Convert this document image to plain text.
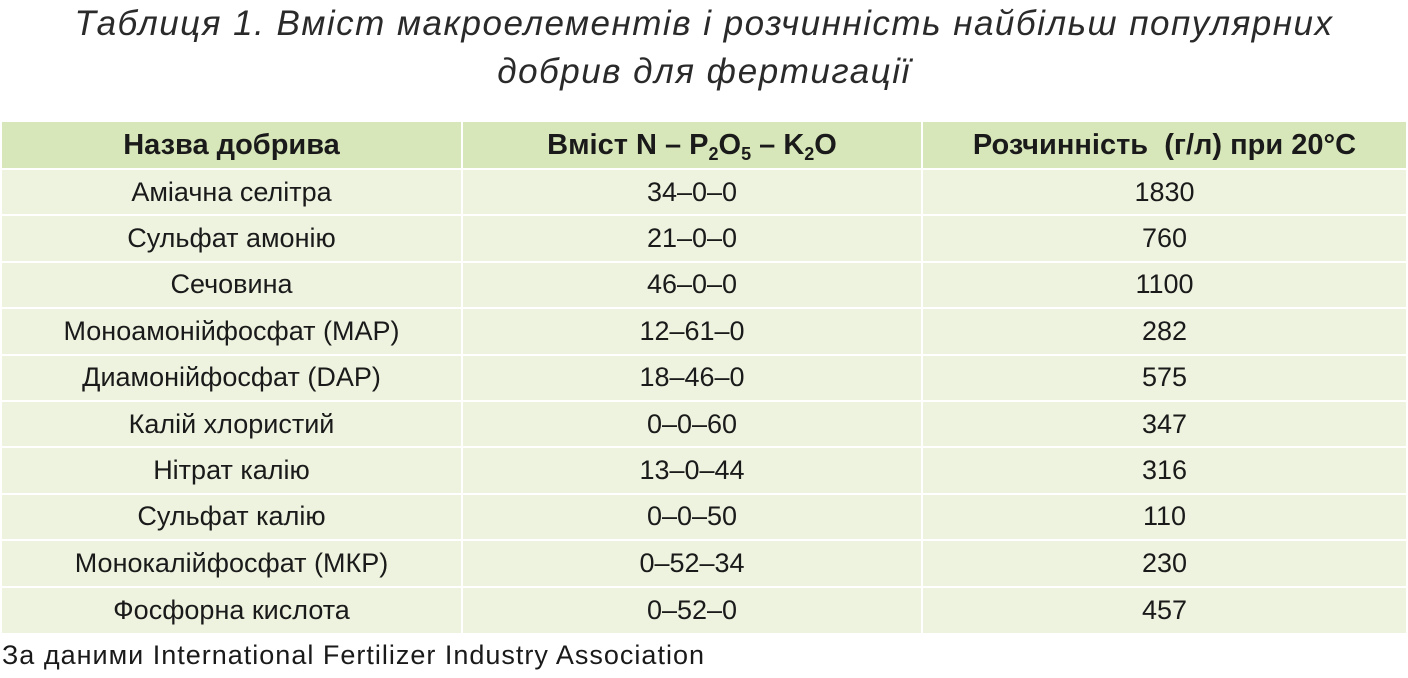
Таблиця 1. Вміст макроелементів і розчинність найбільш популярних
добрив для фертигації
Назва добрива	Вміст N – $P_2O_5 - K_2O$	Розчинність  (г/л) при 20°С
Аміачна селітра	34–0–0	1830
Сульфат амонію	21–0–0	760
Сечовина	46–0–0	1100
Моноамонійфосфат (МАР)	12–61–0	282
Диамонійфосфат (DAP)	18–46–0	575
Калій хлористий	0–0–60	347
Нітрат калію	13–0–44	316
Сульфат калію	0–0–50	110
Монокалійфосфат (МКР)	0–52–34	230
Фосфорна кислота	0–52–0	457
За даними International Fertilizer Industry Association
